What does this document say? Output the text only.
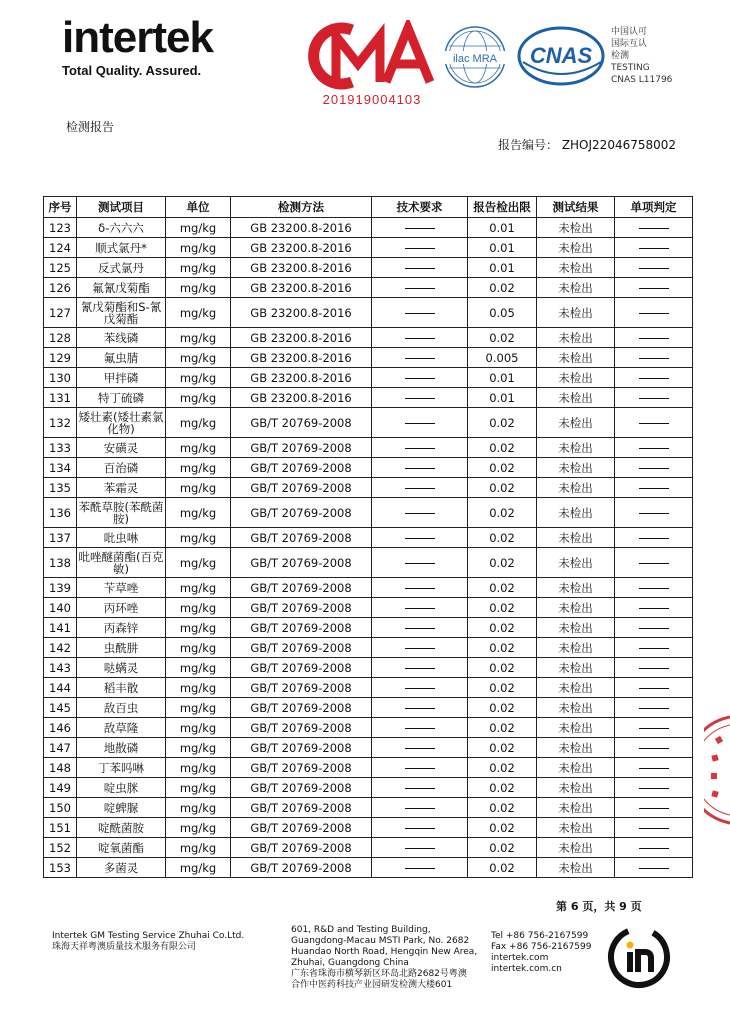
intertek
Total Quality. Assured.
201919004103
ilac MRA CNAS
中国认可
国际互认
检测
TESTING
CNAS L11796
检测报告
报告编号： ZHOJ22046758002
序号	测试项目	单位	检测方法	技术要求	报告检出限	测试结果	单项判定
123	δ-六六六	mg/kg	GB 23200.8-2016		0.01	未检出	
124	顺式氯丹*	mg/kg	GB 23200.8-2016		0.01	未检出	
125	反式氯丹	mg/kg	GB 23200.8-2016		0.01	未检出	
126	氟氰戊菊酯	mg/kg	GB 23200.8-2016		0.02	未检出	
127	氰戊菊酯和S-氰戊菊酯	mg/kg	GB 23200.8-2016		0.05	未检出	
128	苯线磷	mg/kg	GB 23200.8-2016		0.02	未检出	
129	氟虫腈	mg/kg	GB 23200.8-2016		0.005	未检出	
130	甲拌磷	mg/kg	GB 23200.8-2016		0.01	未检出	
131	特丁硫磷	mg/kg	GB 23200.8-2016		0.01	未检出	
132	矮壮素(矮壮素氯化物)	mg/kg	GB/T 20769-2008		0.02	未检出	
133	安磺灵	mg/kg	GB/T 20769-2008		0.02	未检出	
134	百治磷	mg/kg	GB/T 20769-2008		0.02	未检出	
135	苯霜灵	mg/kg	GB/T 20769-2008		0.02	未检出	
136	苯酰草胺(苯酰菌胺)	mg/kg	GB/T 20769-2008		0.02	未检出	
137	吡虫啉	mg/kg	GB/T 20769-2008		0.02	未检出	
138	吡唑醚菌酯(百克敏)	mg/kg	GB/T 20769-2008		0.02	未检出	
139	苄草唑	mg/kg	GB/T 20769-2008		0.02	未检出	
140	丙环唑	mg/kg	GB/T 20769-2008		0.02	未检出	
141	丙森锌	mg/kg	GB/T 20769-2008		0.02	未检出	
142	虫酰肼	mg/kg	GB/T 20769-2008		0.02	未检出	
143	哒螨灵	mg/kg	GB/T 20769-2008		0.02	未检出	
144	稻丰散	mg/kg	GB/T 20769-2008		0.02	未检出	
145	敌百虫	mg/kg	GB/T 20769-2008		0.02	未检出	
146	敌草隆	mg/kg	GB/T 20769-2008		0.02	未检出	
147	地散磷	mg/kg	GB/T 20769-2008		0.02	未检出	
148	丁苯吗啉	mg/kg	GB/T 20769-2008		0.02	未检出	
149	啶虫脒	mg/kg	GB/T 20769-2008		0.02	未检出	
150	啶蜱脲	mg/kg	GB/T 20769-2008		0.02	未检出	
151	啶酰菌胺	mg/kg	GB/T 20769-2008		0.02	未检出	
152	啶氧菌酯	mg/kg	GB/T 20769-2008		0.02	未检出	
153	多菌灵	mg/kg	GB/T 20769-2008		0.02	未检出	
第 6 页，共 9 页
Intertek GM Testing Service Zhuhai Co.Ltd.
珠海天祥粤澳质量技术服务有限公司
601, R&D and Testing Building,
Guangdong-Macau MSTI Park, No. 2682
Huandao North Road, Hengqin New Area,
Zhuhai, Guangdong China
广东省珠海市横琴新区环岛北路2682号粤澳
合作中医药科技产业园研发检测大楼601
Tel +86 756-2167599
Fax +86 756-2167599
intertek.com
intertek.com.cn
